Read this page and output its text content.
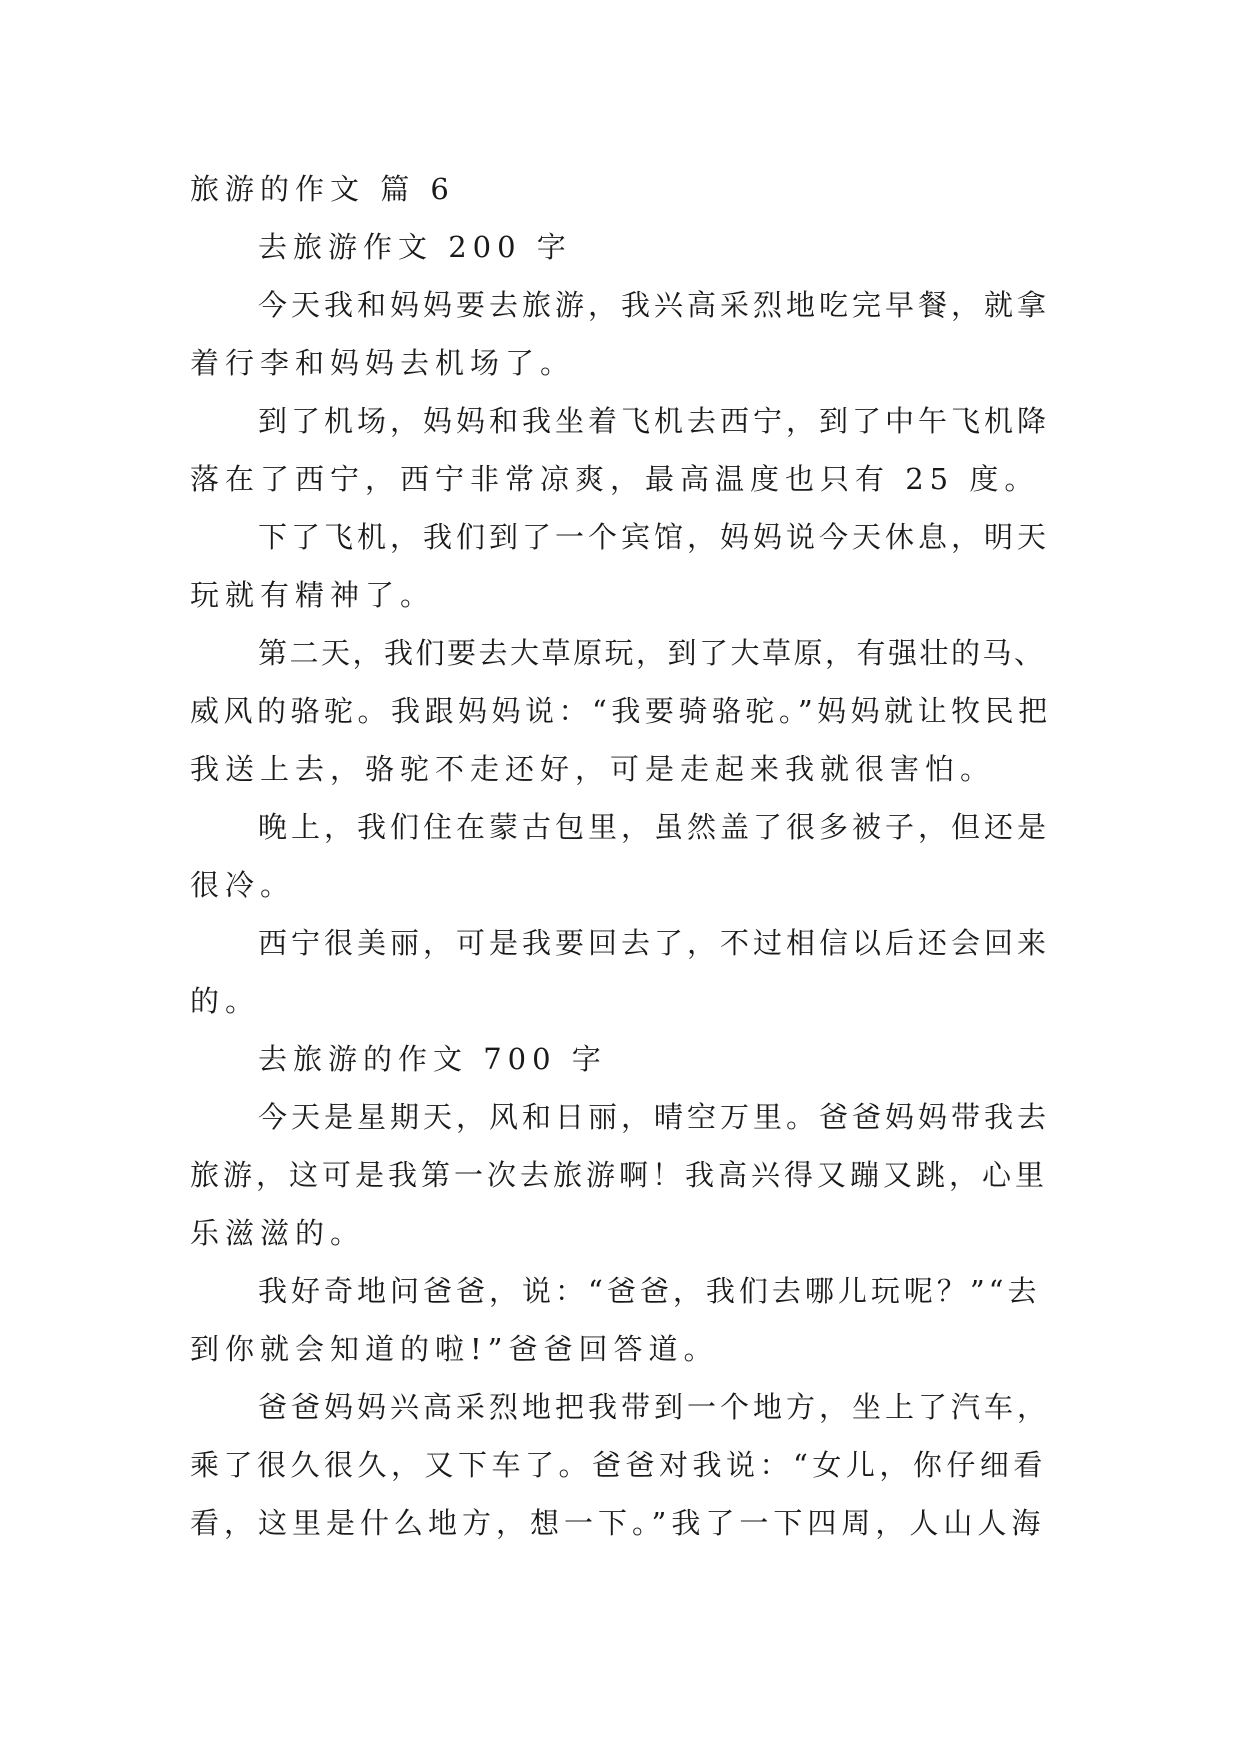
旅游的作文 篇 6

去旅游作文 200 字

今天我和妈妈要去旅游，我兴高采烈地吃完早餐，就拿

着行李和妈妈去机场了。

到了机场，妈妈和我坐着飞机去西宁，到了中午飞机降

落在了西宁，西宁非常凉爽，最高温度也只有 25 度。

下了飞机，我们到了一个宾馆，妈妈说今天休息，明天

玩就有精神了。

第二天，我们要去大草原玩，到了大草原，有强壮的马、

威风的骆驼。我跟妈妈说：“我要骑骆驼。”妈妈就让牧民把

我送上去，骆驼不走还好，可是走起来我就很害怕。

晚上，我们住在蒙古包里，虽然盖了很多被子，但还是

很冷。

西宁很美丽，可是我要回去了，不过相信以后还会回来

的。

去旅游的作文 700 字

今天是星期天，风和日丽，晴空万里。爸爸妈妈带我去

旅游，这可是我第一次去旅游啊！我高兴得又蹦又跳，心里

乐滋滋的。

我好奇地问爸爸，说：“爸爸，我们去哪儿玩呢？”“去

到你就会知道的啦!”爸爸回答道。

爸爸妈妈兴高采烈地把我带到一个地方，坐上了汽车，

乘了很久很久，又下车了。爸爸对我说：“女儿，你仔细看

看，这里是什么地方，想一下。”我了一下四周，人山人海
